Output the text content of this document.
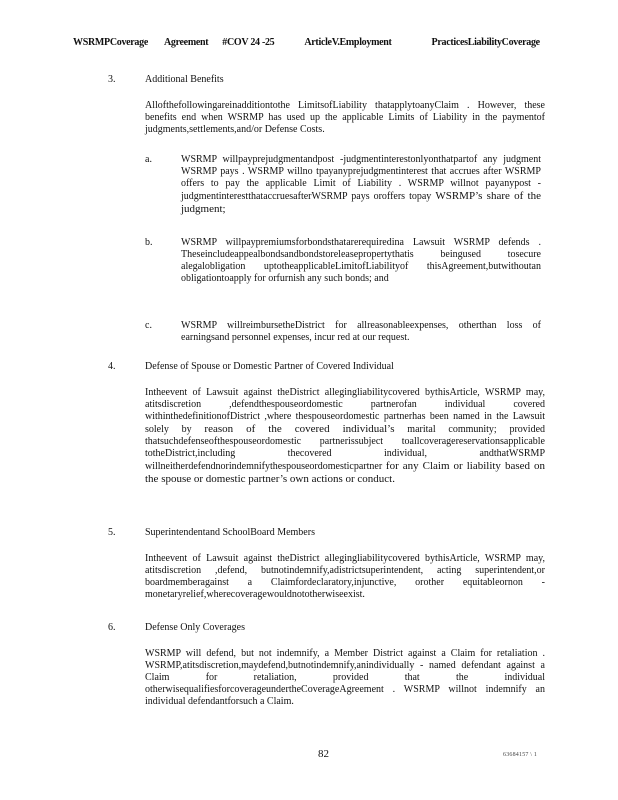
WSRMPCoverage Agreement #COV 24 -25	ArticleV.Employment	PracticesLiabilityCoverage
3.	Additional Benefits
Allofthefollowingareinadditiontothe LimitsofLiability thatapplytoanyClaim . However, these benefits end when WSRMP has used up the applicable Limits of Liability in the paymentof judgments,settlements,and/or Defense Costs.
a.	WSRMP willpayprejudgmentandpost -judgmentinterestonlyonthatpartof any judgment WSRMP pays . WSRMP willno tpayanyprejudgmentinterest that accrues after WSRMP offers to pay the applicable Limit of Liability . WSRMP willnot payanypost -judgmentinterestthataccruesafterWSRMP pays oroffers topay WSRMP’s share of the judgment;
b.	WSRMP willpaypremiumsforbondsthatarerequiredina Lawsuit WSRMP defends . Theseincludeappealbondsandbondstoreleasepropertythatis beingused tosecure alegalobligation uptotheapplicableLimitofLiabilityof thisAgreement,butwithoutan obligationtoapply for orfurnish any such bonds; and
c.	WSRMP willreimbursetheDistrict for allreasonableexpenses, otherthan loss of earningsand personnel expenses, incur red at our request.
4.	Defense of Spouse or Domestic Partner of Covered Individual
Intheevent of Lawsuit against theDistrict allegingliabilitycovered bythisArticle, WSRMP may, atitsdiscretion ,defendthespouseordomestic partnerofan individual covered withinthedefinitionofDistrict ,where thespouseordomestic partnerhas been named in the Lawsuit solely by reason of the covered individual’s marital community; provided thatsuchdefenseofthespouseordomestic partnerissubject toallcoveragereservationsapplicable totheDistrict,including thecovered individual, andthatWSRMP willneitherdefendnorindemnifythespouseordomesticpartner for any Claim or liability based on the spouse or domestic partner’s own actions or conduct.
5.	Superintendentand SchoolBoard Members
Intheevent of Lawsuit against theDistrict allegingliabilitycovered bythisArticle, WSRMP may, atitsdiscretion ,defend, butnotindemnify,adistrictsuperintendent, acting superintendent,or boardmemberagainst a Claimfordeclaratory,injunctive, orother equitableornon -monetaryrelief,wherecoveragewouldnototherwiseexist.
6.	Defense Only Coverages
WSRMP will defend, but not indemnify, a Member District against a Claim for retaliation . WSRMP,atitsdiscretion,maydefend,butnotindemnify,anindividually - named defendant against a Claim for retaliation, provided that the individual otherwisequalifiesforcoverageundertheCoverageAgreement . WSRMP willnot indemnify an individual defendantforsuch a Claim.
82	63684157 \ 1
